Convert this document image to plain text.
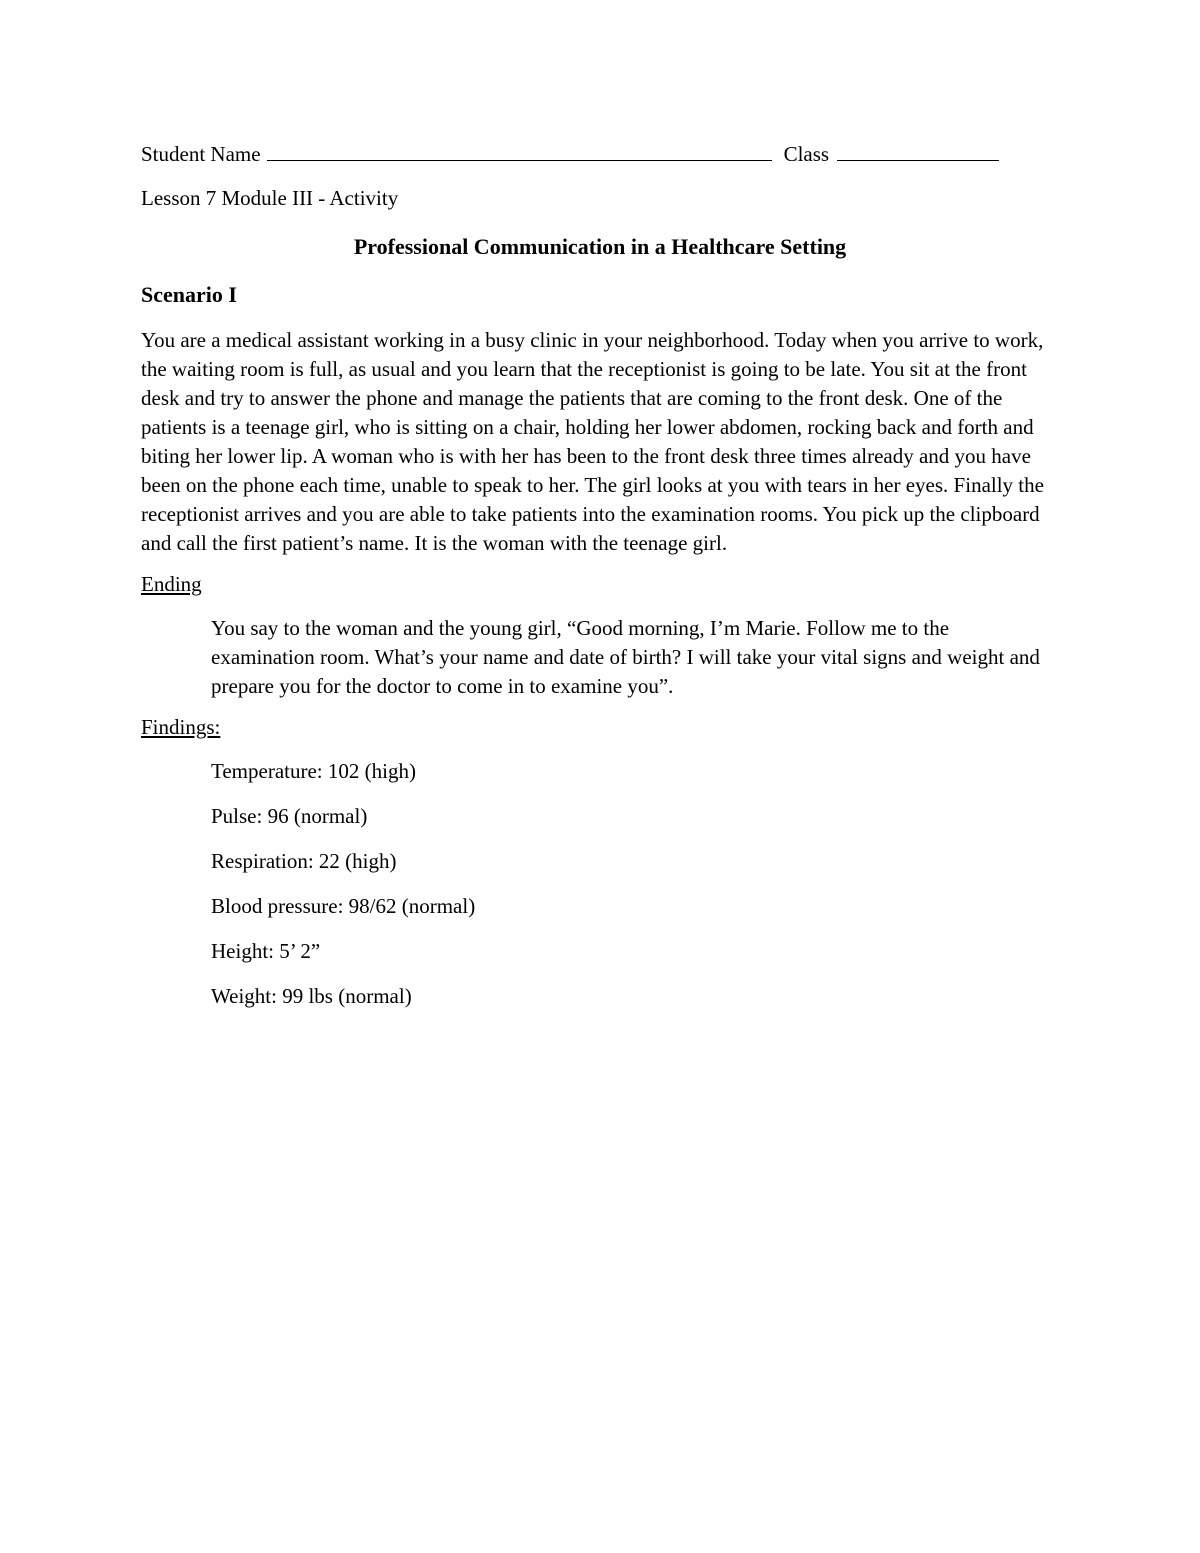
Student Name	Class
Lesson 7 Module III - Activity
Professional Communication in a Healthcare Setting
Scenario I

You are a medical assistant working in a busy clinic in your neighborhood. Today when you arrive to work, the waiting room is full, as usual and you learn that the receptionist is going to be late. You sit at the front desk and try to answer the phone and manage the patients that are coming to the front desk. One of the patients is a teenage girl, who is sitting on a chair, holding her lower abdomen, rocking back and forth and biting her lower lip. A woman who is with her has been to the front desk three times already and you have been on the phone each time, unable to speak to her. The girl looks at you with tears in her eyes. Finally the receptionist arrives and you are able to take patients into the examination rooms. You pick up the clipboard and call the first patient’s name. It is the woman with the teenage girl.

Ending

You say to the woman and the young girl, “Good morning, I’m Marie. Follow me to the examination room. What’s your name and date of birth? I will take your vital signs and weight and prepare you for the doctor to come in to examine you”.

Findings:
Temperature: 102 (high)
Pulse: 96 (normal)
Respiration: 22 (high)
Blood pressure: 98/62 (normal)
Height: 5’ 2”
Weight: 99 lbs (normal)
